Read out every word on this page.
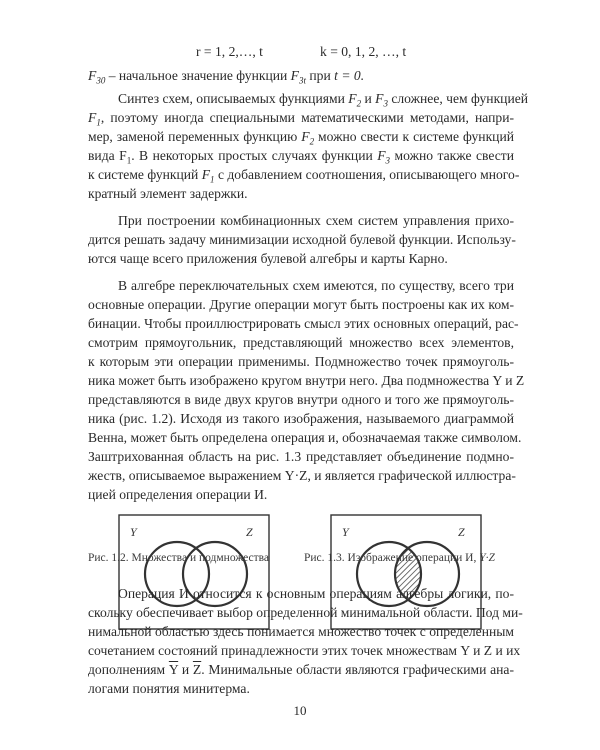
r = 1, 2,…, t	k = 0, 1, 2, …, t
$F_{30}$ – начальное значение функции $F_{3t}$ при t = 0.
Синтез схем, описываемых функциями $F_2$ и $F_3$ сложнее, чем функцией
$F_1$, поэтому иногда специальными математическими методами, напри-
мер, заменой переменных функцию $F_2$ можно свести к системе функций
вида $F_1$. В некоторых простых случаях функции $F_3$ можно также свести
к системе функций $F_1$ с добавлением соотношения, описывающего много-
кратный элемент задержки.
При построении комбинационных схем систем управления прихо-
дится решать задачу минимизации исходной булевой функции. Использу-
ются чаще всего приложения булевой алгебры и карты Карно.
В алгебре переключательных схем имеются, по существу, всего три
основные операции. Другие операции могут быть построены как их ком-
бинации. Чтобы проиллюстрировать смысл этих основных операций, рас-
смотрим прямоугольник, представляющий множество всех элементов,
к которым эти операции применимы. Подмножество точек прямоуголь-
ника может быть изображено кругом внутри него. Два подмножества Y и Z
представляются в виде двух кругов внутри одного и того же прямоуголь-
ника (рис. 1.2). Исходя из такого изображения, называемого диаграммой
Венна, может быть определена операция и, обозначаемая также символом.
Заштрихованная область на рис. 1.3 представляет объединение подмно-
жеств, описываемое выражением Y·Z, и является графической иллюстра-
цией определения операции И.
Y	Z	Y	Z
Рис. 1.2. Множества и подмножества	Рис. 1.3. Изображение операции И, Y·Z
Операция И относится к основным операциям алгебры логики, по-
скольку обеспечивает выбор определенной минимальной области. Под ми-
нимальной областью здесь понимается множество точек с определенным
сочетанием состояний принадлежности этих точек множествам Y и Z и их
дополнениям $\overline{Y}$ и $\overline{Z}$. Минимальные области являются графическими ана-
логами понятия минитерма.
10
